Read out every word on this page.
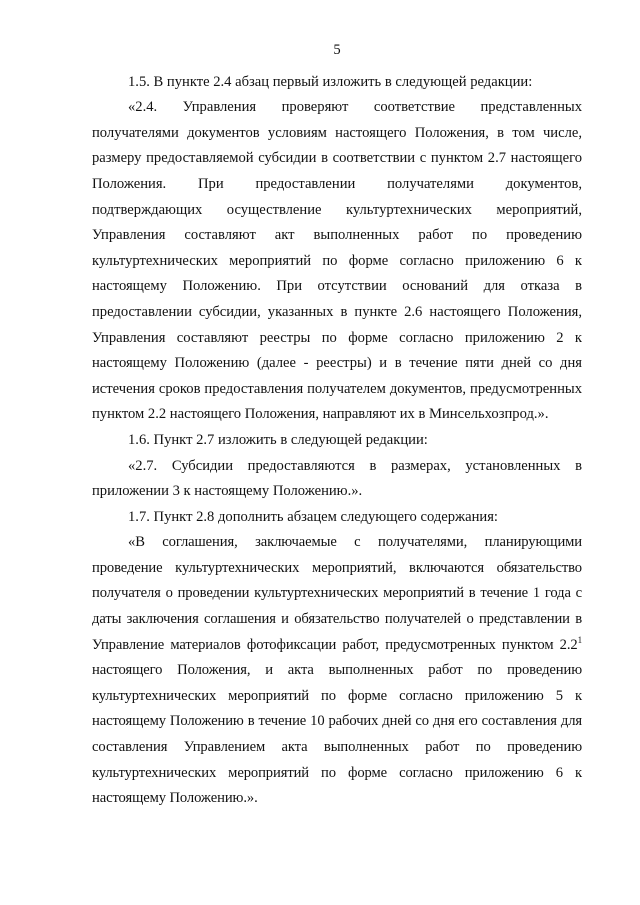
5

1.5. В пункте 2.4 абзац первый изложить в следующей редакции:

«2.4. Управления проверяют соответствие представленных получателями документов условиям настоящего Положения, в том числе, размеру предоставляемой субсидии в соответствии с пунктом 2.7 настоящего Положения. При предоставлении получателями документов, подтверждающих осуществление культуртехнических мероприятий, Управления составляют акт выполненных работ по проведению культуртехнических мероприятий по форме согласно приложению 6 к настоящему Положению. При отсутствии оснований для отказа в предоставлении субсидии, указанных в пункте 2.6 настоящего Положения, Управления составляют реестры по форме согласно приложению 2 к настоящему Положению (далее - реестры) и в течение пяти дней со дня истечения сроков предоставления получателем документов, предусмотренных пунктом 2.2 настоящего Положения, направляют их в Минсельхозпрод.».

1.6. Пункт 2.7 изложить в следующей редакции:

«2.7. Субсидии предоставляются в размерах, установленных в приложении 3 к настоящему Положению.».

1.7. Пункт 2.8 дополнить абзацем следующего содержания:

«В соглашения, заключаемые с получателями, планирующими проведение культуртехнических мероприятий, включаются обязательство получателя о проведении культуртехнических мероприятий в течение 1 года с даты заключения соглашения и обязательство получателей о представлении в Управление материалов фотофиксации работ, предусмотренных пунктом $2.2^1$ настоящего Положения, и акта выполненных работ по проведению культуртехнических мероприятий по форме согласно приложению 5 к настоящему Положению в течение 10 рабочих дней со дня его составления для составления Управлением акта выполненных работ по проведению культуртехнических мероприятий по форме согласно приложению 6 к настоящему Положению.».
